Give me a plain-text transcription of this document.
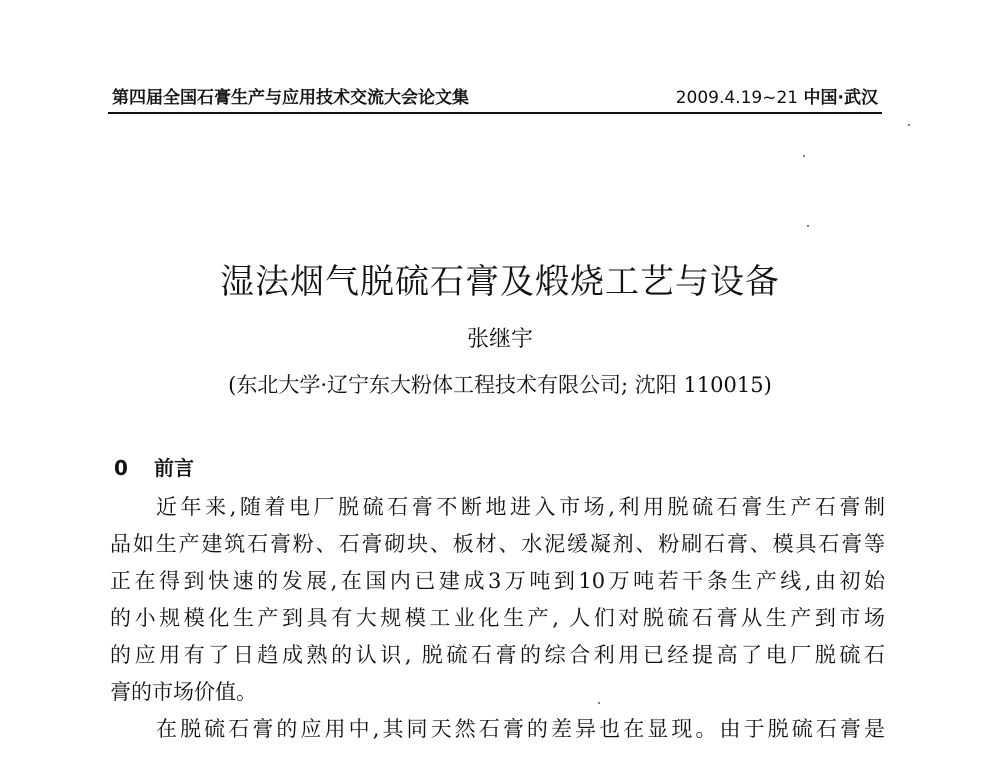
第四届全国石膏生产与应用技术交流大会论文集	2009.4.19~21 中国·武汉
湿法烟气脱硫石膏及煅烧工艺与设备
张继宇
(东北大学·辽宁东大粉体工程技术有限公司; 沈阳 110015)
0 前言
近年来,随着电厂脱硫石膏不断地进入市场,利用脱硫石膏生产石膏制
品如生产建筑石膏粉、石膏砌块、板材、水泥缓凝剂、粉刷石膏、模具石膏等
正在得到快速的发展,在国内已建成3万吨到10万吨若干条生产线,由初始
的小规模化生产到具有大规模工业化生产, 人们对脱硫石膏从生产到市场
的应用有了日趋成熟的认识, 脱硫石膏的综合利用已经提高了电厂脱硫石
膏的市场价值。
在脱硫石膏的应用中,其同天然石膏的差异也在显现。由于脱硫石膏是
